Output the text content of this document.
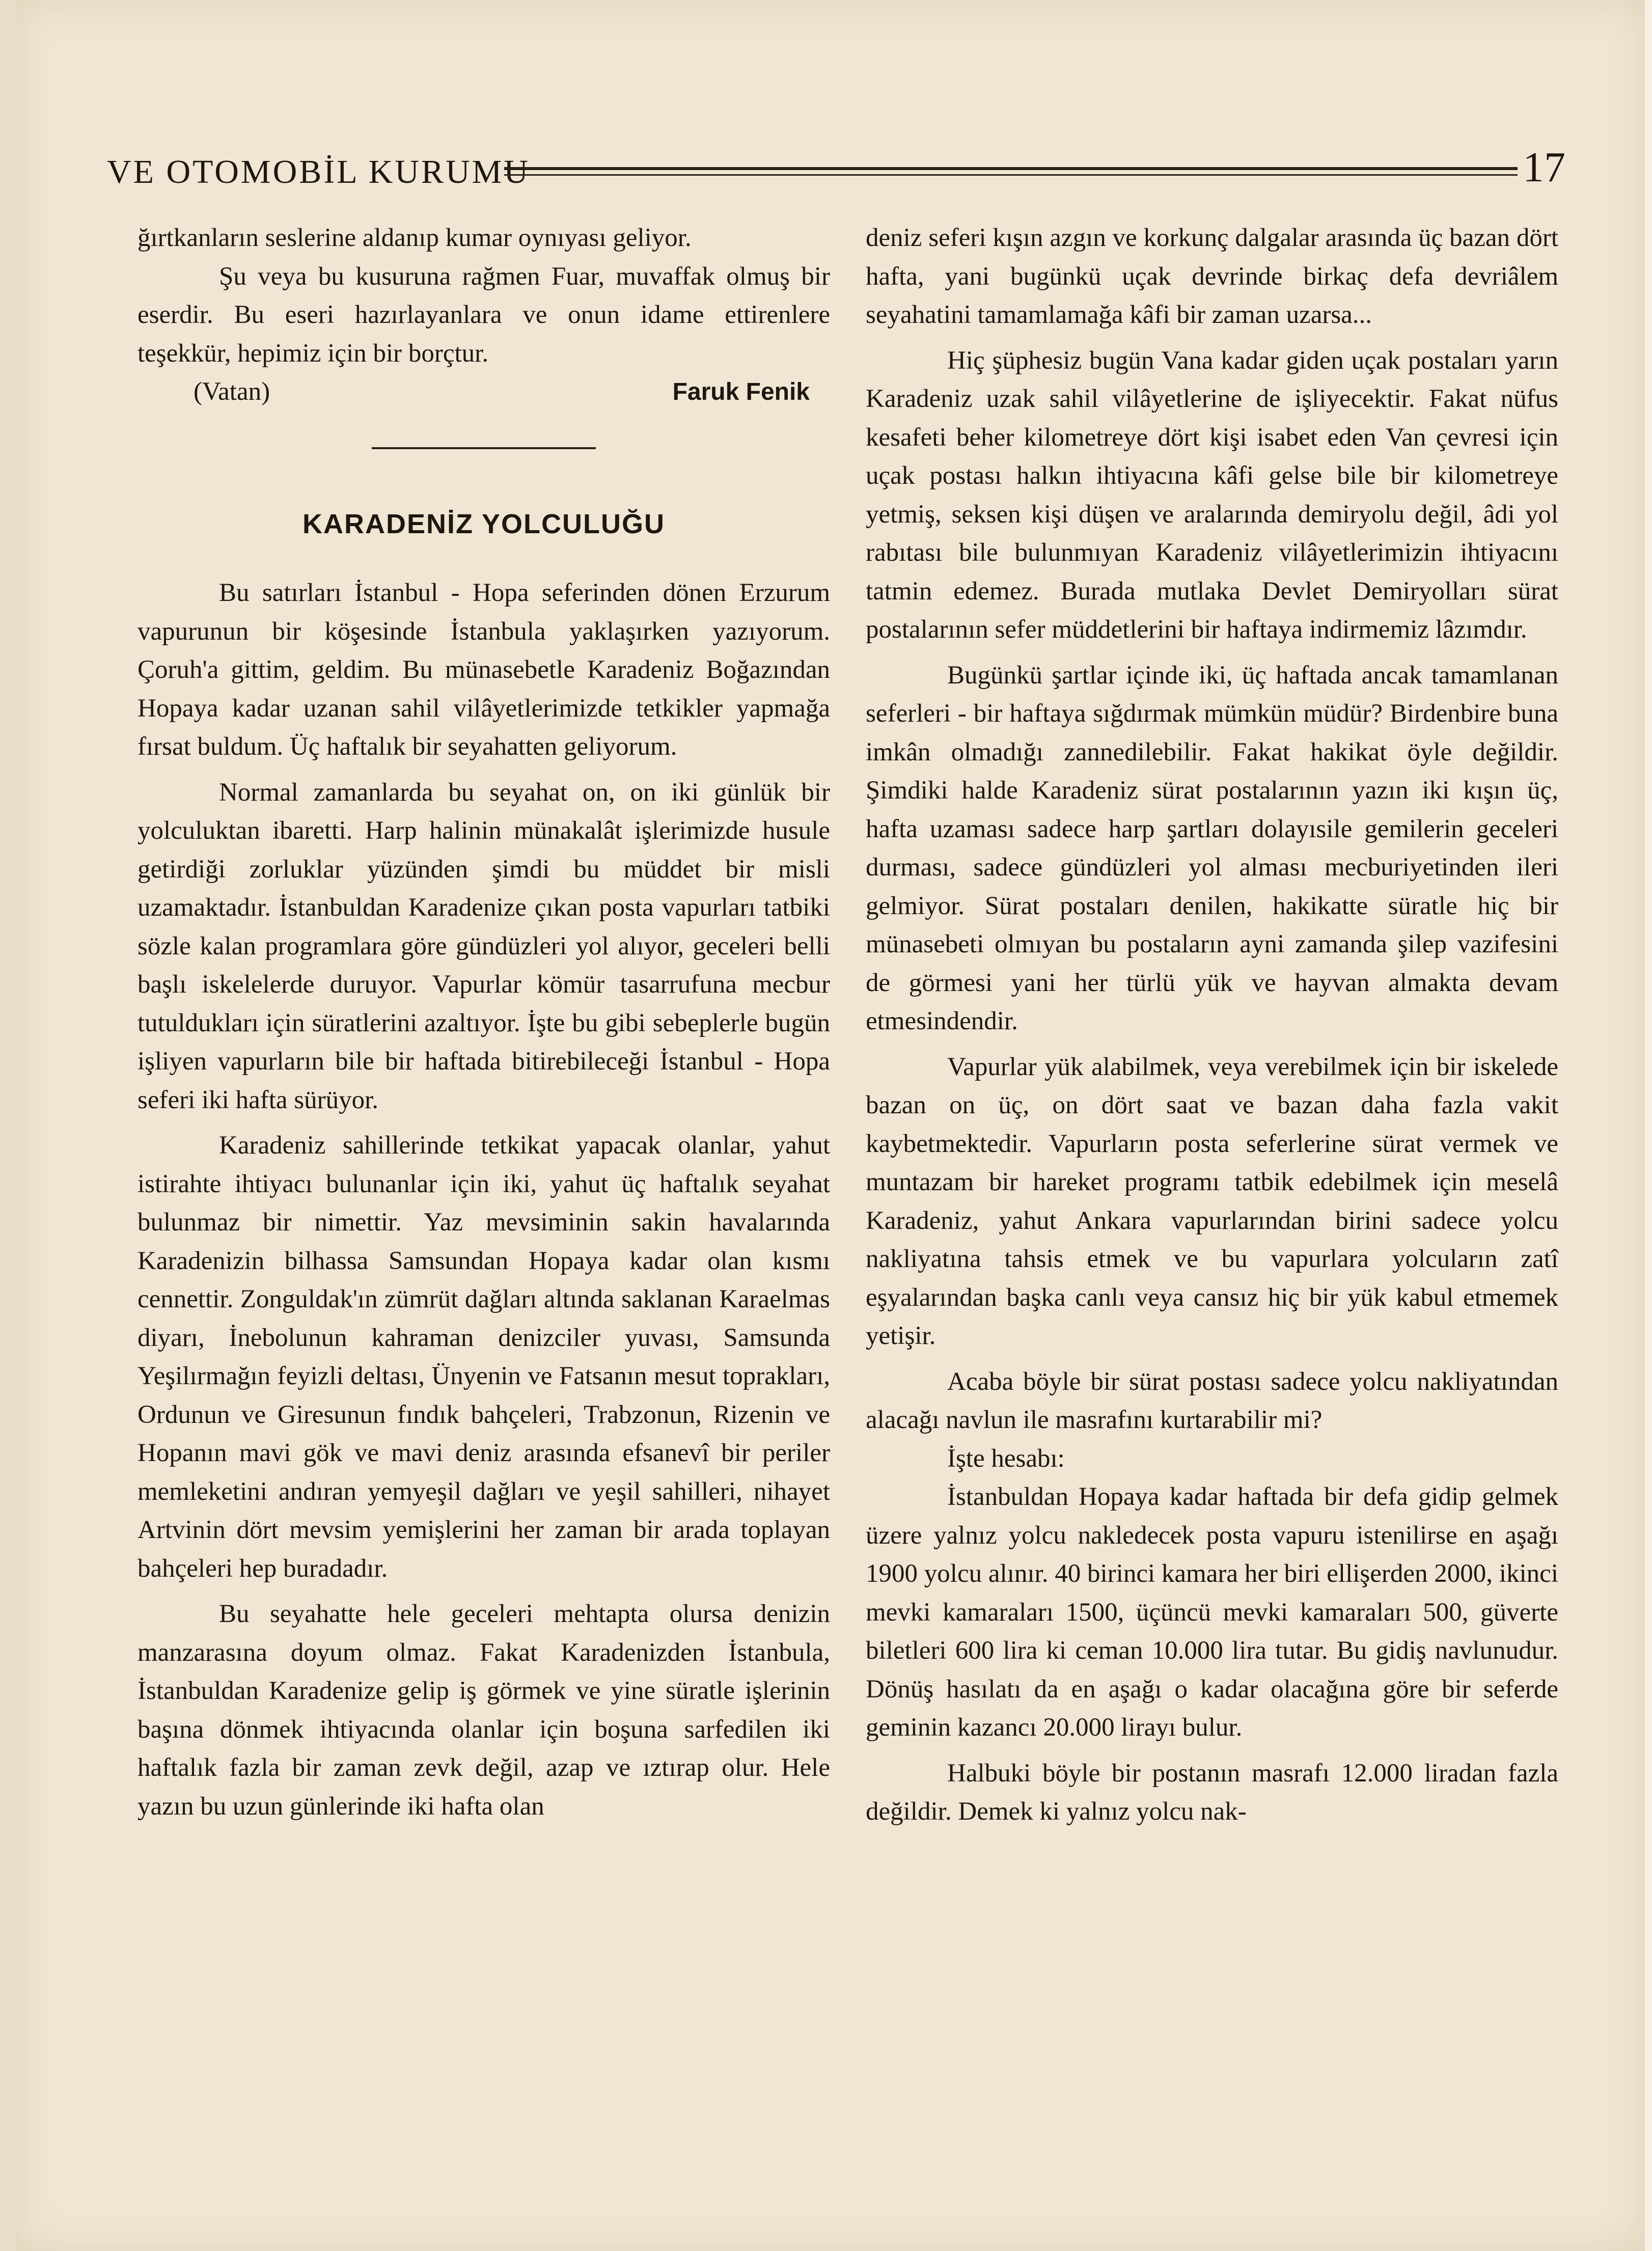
VE OTOMOBİL KURUMU	17

ğırtkanların seslerine aldanıp kumar oynıyası geliyor.

Şu veya bu kusuruna rağmen Fuar, muvaffak olmuş bir eserdir. Bu eseri hazırlayanlara ve onun idame ettirenlere teşekkür, hepimiz için bir borçtur.

(Vatan)	Faruk Fenik
KARADENİZ YOLCULUĞU

Bu satırları İstanbul - Hopa seferinden dönen Erzurum vapurunun bir köşesinde İstanbula yaklaşırken yazıyorum. Çoruh'a gittim, geldim. Bu münasebetle Karadeniz Boğazından Hopaya kadar uzanan sahil vilâyetlerimizde tetkikler yapmağa fırsat buldum. Üç haftalık bir seyahatten geliyorum.

Normal zamanlarda bu seyahat on, on iki günlük bir yolculuktan ibaretti. Harp halinin münakalât işlerimizde husule getirdiği zorluklar yüzünden şimdi bu müddet bir misli uzamaktadır. İstanbuldan Karadenize çıkan posta vapurları tatbiki sözle kalan programlara göre gündüzleri yol alıyor, geceleri belli başlı iskelelerde duruyor. Vapurlar kömür tasarrufuna mecbur tutuldukları için süratlerini azaltıyor. İşte bu gibi sebeplerle bugün işliyen vapurların bile bir haftada bitirebileceği İstanbul - Hopa seferi iki hafta sürüyor.

Karadeniz sahillerinde tetkikat yapacak olanlar, yahut istirahte ihtiyacı bulunanlar için iki, yahut üç haftalık seyahat bulunmaz bir nimettir. Yaz mevsiminin sakin havalarında Karadenizin bilhassa Samsundan Hopaya kadar olan kısmı cennettir. Zonguldak'ın zümrüt dağları altında saklanan Karaelmas diyarı, İnebolunun kahraman denizciler yuvası, Samsunda Yeşilırmağın feyizli deltası, Ünyenin ve Fatsanın mesut toprakları, Ordunun ve Giresunun fındık bahçeleri, Trabzonun, Rizenin ve Hopanın mavi gök ve mavi deniz arasında efsanevî bir periler memleketini andıran yemyeşil dağları ve yeşil sahilleri, nihayet Artvinin dört mevsim yemişlerini her zaman bir arada toplayan bahçeleri hep buradadır.

Bu seyahatte hele geceleri mehtapta olursa denizin manzarasına doyum olmaz. Fakat Karadenizden İstanbula, İstanbuldan Karadenize gelip iş görmek ve yine süratle işlerinin başına dönmek ihtiyacında olanlar için boşuna sarfedilen iki haftalık fazla bir zaman zevk değil, azap ve ıztırap olur. Hele yazın bu uzun günlerinde iki hafta olan

deniz seferi kışın azgın ve korkunç dalgalar arasında üç bazan dört hafta, yani bugünkü uçak devrinde birkaç defa devriâlem seyahatini tamamlamağa kâfi bir zaman uzarsa...

Hiç şüphesiz bugün Vana kadar giden uçak postaları yarın Karadeniz uzak sahil vilâyetlerine de işliyecektir. Fakat nüfus kesafeti beher kilometreye dört kişi isabet eden Van çevresi için uçak postası halkın ihtiyacına kâfi gelse bile bir kilometreye yetmiş, seksen kişi düşen ve aralarında demiryolu değil, âdi yol rabıtası bile bulunmıyan Karadeniz vilâyetlerimizin ihtiyacını tatmin edemez. Burada mutlaka Devlet Demiryolları sürat postalarının sefer müddetlerini bir haftaya indirmemiz lâzımdır.

Bugünkü şartlar içinde iki, üç haftada ancak tamamlanan seferleri - bir haftaya sığdırmak mümkün müdür? Birdenbire buna imkân olmadığı zannedilebilir. Fakat hakikat öyle değildir. Şimdiki halde Karadeniz sürat postalarının yazın iki kışın üç, hafta uzaması sadece harp şartları dolayısile gemilerin geceleri durması, sadece gündüzleri yol alması mecburiyetinden ileri gelmiyor. Sürat postaları denilen, hakikatte süratle hiç bir münasebeti olmıyan bu postaların ayni zamanda şilep vazifesini de görmesi yani her türlü yük ve hayvan almakta devam etmesindendir.

Vapurlar yük alabilmek, veya verebilmek için bir iskelede bazan on üç, on dört saat ve bazan daha fazla vakit kaybetmektedir. Vapurların posta seferlerine sürat vermek ve muntazam bir hareket programı tatbik edebilmek için meselâ Karadeniz, yahut Ankara vapurlarından birini sadece yolcu nakliyatına tahsis etmek ve bu vapurlara yolcuların zatî eşyalarından başka canlı veya cansız hiç bir yük kabul etmemek yetişir.

Acaba böyle bir sürat postası sadece yolcu nakliyatından alacağı navlun ile masrafını kurtarabilir mi?

İşte hesabı:

İstanbuldan Hopaya kadar haftada bir defa gidip gelmek üzere yalnız yolcu nakledecek posta vapuru istenilirse en aşağı 1900 yolcu alınır. 40 birinci kamara her biri ellişerden 2000, ikinci mevki kamaraları 1500, üçüncü mevki kamaraları 500, güverte biletleri 600 lira ki ceman 10.000 lira tutar. Bu gidiş navlunudur. Dönüş hasılatı da en aşağı o kadar olacağına göre bir seferde geminin kazancı 20.000 lirayı bulur.

Halbuki böyle bir postanın masrafı 12.000 liradan fazla değildir. Demek ki yalnız yolcu nak-
